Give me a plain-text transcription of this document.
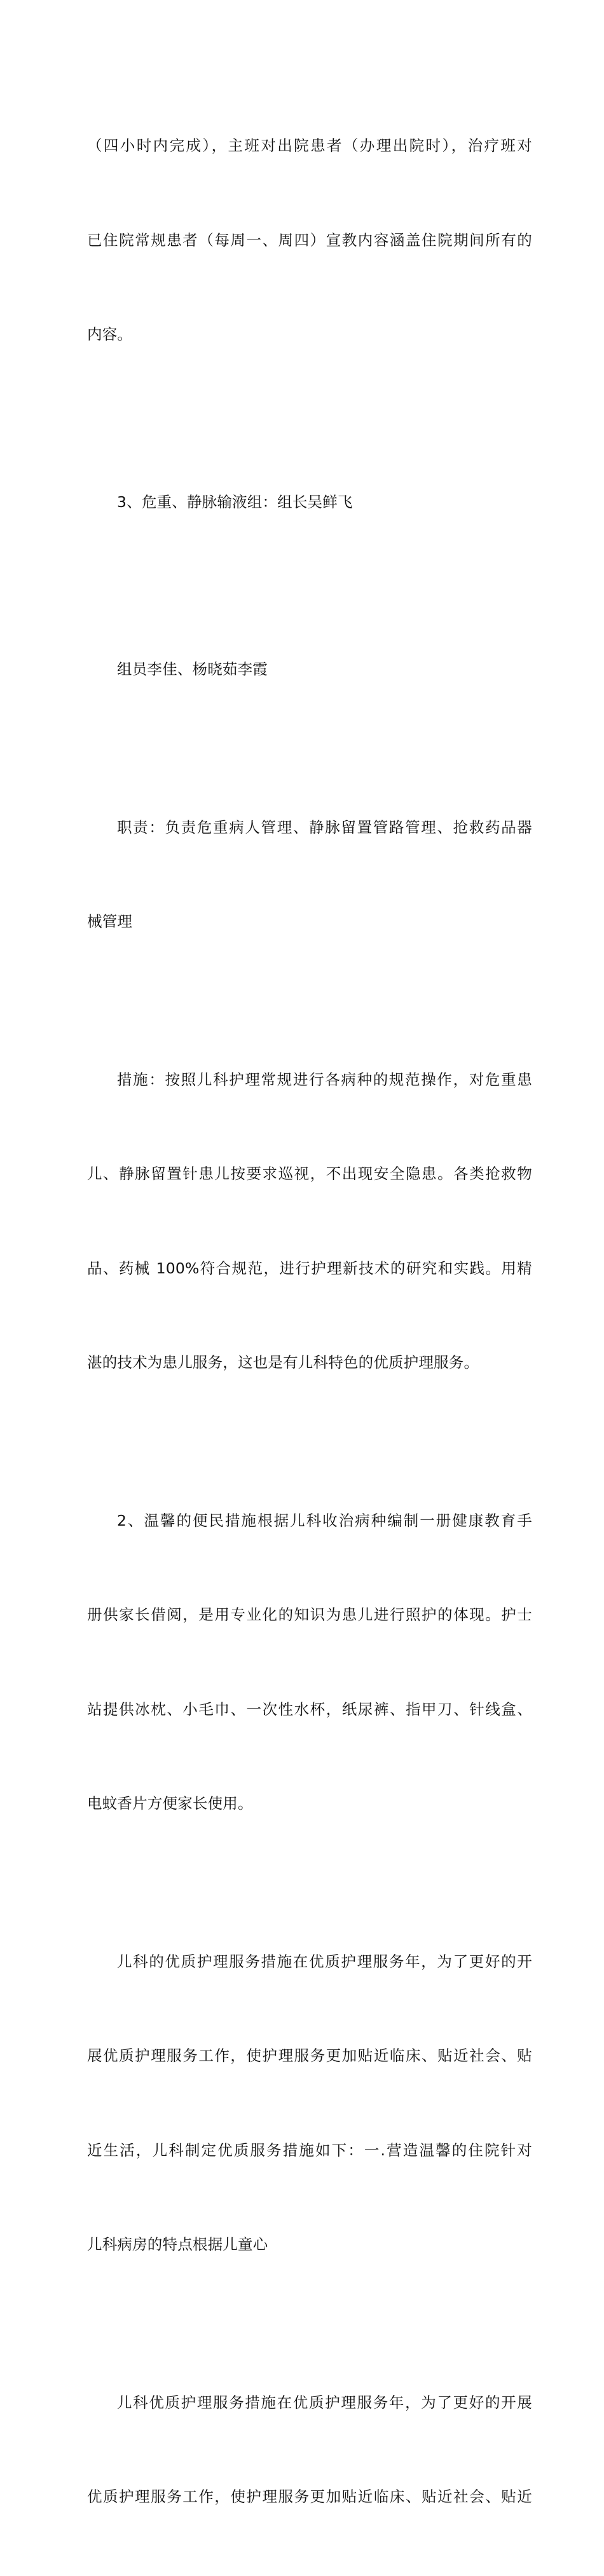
（四小时内完成），主班对出院患者（办理出院时），治疗班对

已住院常规患者（每周一、周四）宣教内容涵盖住院期间所有的

内容。

3、危重、静脉输液组：组长吴鲜飞

组员李佳、杨晓茹李霞

职责：负责危重病人管理、静脉留置管路管理、抢救药品器

械管理

措施：按照儿科护理常规进行各病种的规范操作，对危重患

儿、静脉留置针患儿按要求巡视，不出现安全隐患。各类抢救物

品、药械 100%符合规范，进行护理新技术的研究和实践。用精

湛的技术为患儿服务，这也是有儿科特色的优质护理服务。

2、温馨的便民措施根据儿科收治病种编制一册健康教育手

册供家长借阅，是用专业化的知识为患儿进行照护的体现。护士

站提供冰枕、小毛巾、一次性水杯，纸尿裤、指甲刀、针线盒、

电蚊香片方便家长使用。

儿科的优质护理服务措施在优质护理服务年，为了更好的开

展优质护理服务工作，使护理服务更加贴近临床、贴近社会、贴

近生活，儿科制定优质服务措施如下：一.营造温馨的住院针对

儿科病房的特点根据儿童心

儿科优质护理服务措施在优质护理服务年，为了更好的开展

优质护理服务工作，使护理服务更加贴近临床、贴近社会、贴近
